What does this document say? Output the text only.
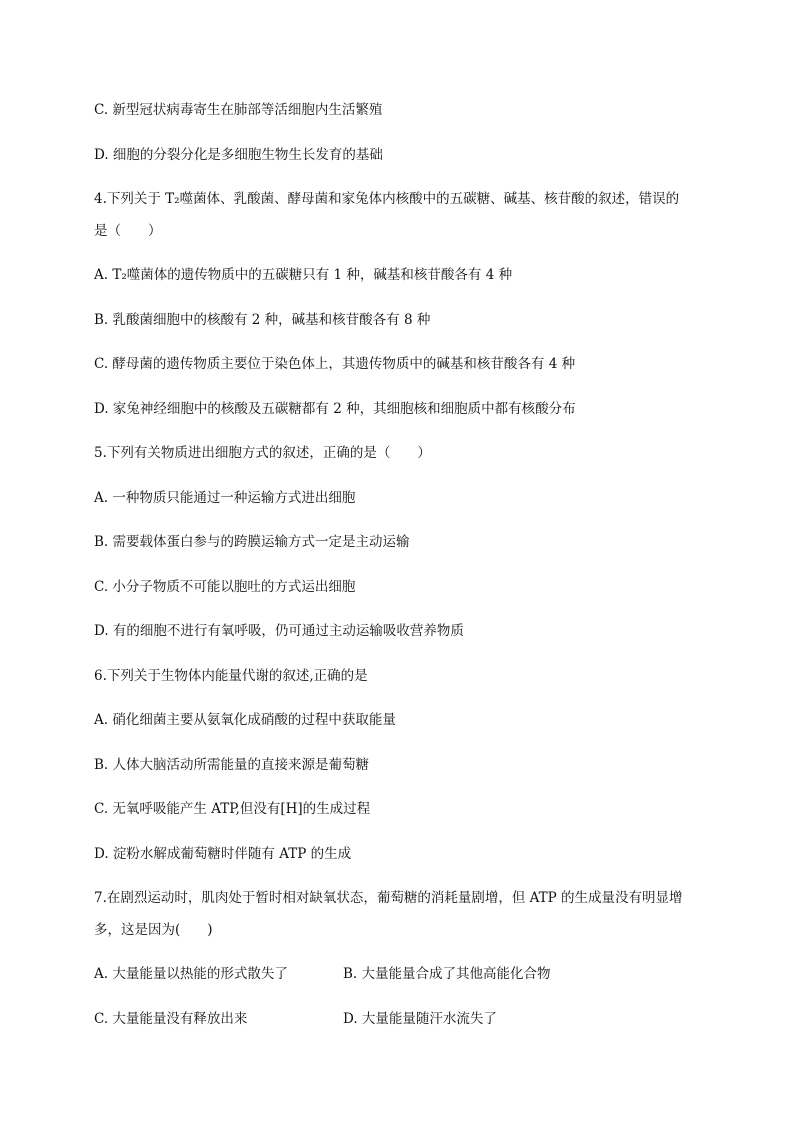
C. 新型冠状病毒寄生在肺部等活细胞内生活繁殖
D. 细胞的分裂分化是多细胞生物生长发育的基础
4.下列关于 T₂噬菌体、乳酸菌、酵母菌和家兔体内核酸中的五碳糖、碱基、核苷酸的叙述，错误的
是（　　）
A. T₂噬菌体的遗传物质中的五碳糖只有 1 种，碱基和核苷酸各有 4 种
B. 乳酸菌细胞中的核酸有 2 种，碱基和核苷酸各有 8 种
C. 酵母菌的遗传物质主要位于染色体上，其遗传物质中的碱基和核苷酸各有 4 种
D. 家兔神经细胞中的核酸及五碳糖都有 2 种，其细胞核和细胞质中都有核酸分布
5.下列有关物质进出细胞方式的叙述，正确的是（　　）
A. 一种物质只能通过一种运输方式进出细胞
B. 需要载体蛋白参与的跨膜运输方式一定是主动运输
C. 小分子物质不可能以胞吐的方式运出细胞
D. 有的细胞不进行有氧呼吸，仍可通过主动运输吸收营养物质
6.下列关于生物体内能量代谢的叙述,正确的是
A. 硝化细菌主要从氨氧化成硝酸的过程中获取能量
B. 人体大脑活动所需能量的直接来源是葡萄糖
C. 无氧呼吸能产生 ATP,但没有[H]的生成过程
D. 淀粉水解成葡萄糖时伴随有 ATP 的生成
7.在剧烈运动时，肌肉处于暂时相对缺氧状态，葡萄糖的消耗量剧增，但 ATP 的生成量没有明显增
多，这是因为(　　)
A. 大量能量以热能的形式散失了	B. 大量能量合成了其他高能化合物
C. 大量能量没有释放出来	D. 大量能量随汗水流失了
